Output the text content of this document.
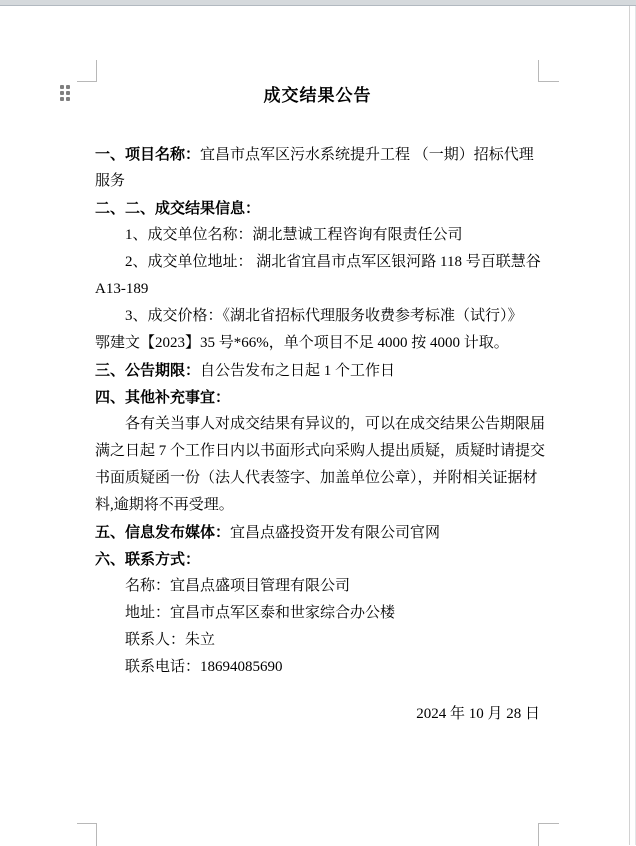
成交结果公告
一、项目名称：宜昌市点军区污水系统提升工程 （一期）招标代理
服务
二、二、成交结果信息：
1、成交单位名称：湖北慧诚工程咨询有限责任公司
2、成交单位地址： 湖北省宜昌市点军区银河路 118 号百联慧谷
A13-189
3、成交价格：《湖北省招标代理服务收费参考标准（试行）》
鄂建文【2023】35 号*66%，单个项目不足 4000 按 4000 计取。
三、公告期限：自公告发布之日起 1 个工作日
四、其他补充事宜：
各有关当事人对成交结果有异议的，可以在成交结果公告期限届
满之日起 7 个工作日内以书面形式向采购人提出质疑，质疑时请提交
书面质疑函一份（法人代表签字、加盖单位公章），并附相关证据材
料,逾期将不再受理。
五、信息发布媒体：宜昌点盛投资开发有限公司官网
六、联系方式：
名称：宜昌点盛项目管理有限公司
地址：宜昌市点军区泰和世家综合办公楼
联系人：朱立
联系电话：18694085690
2024 年 10 月 28 日
